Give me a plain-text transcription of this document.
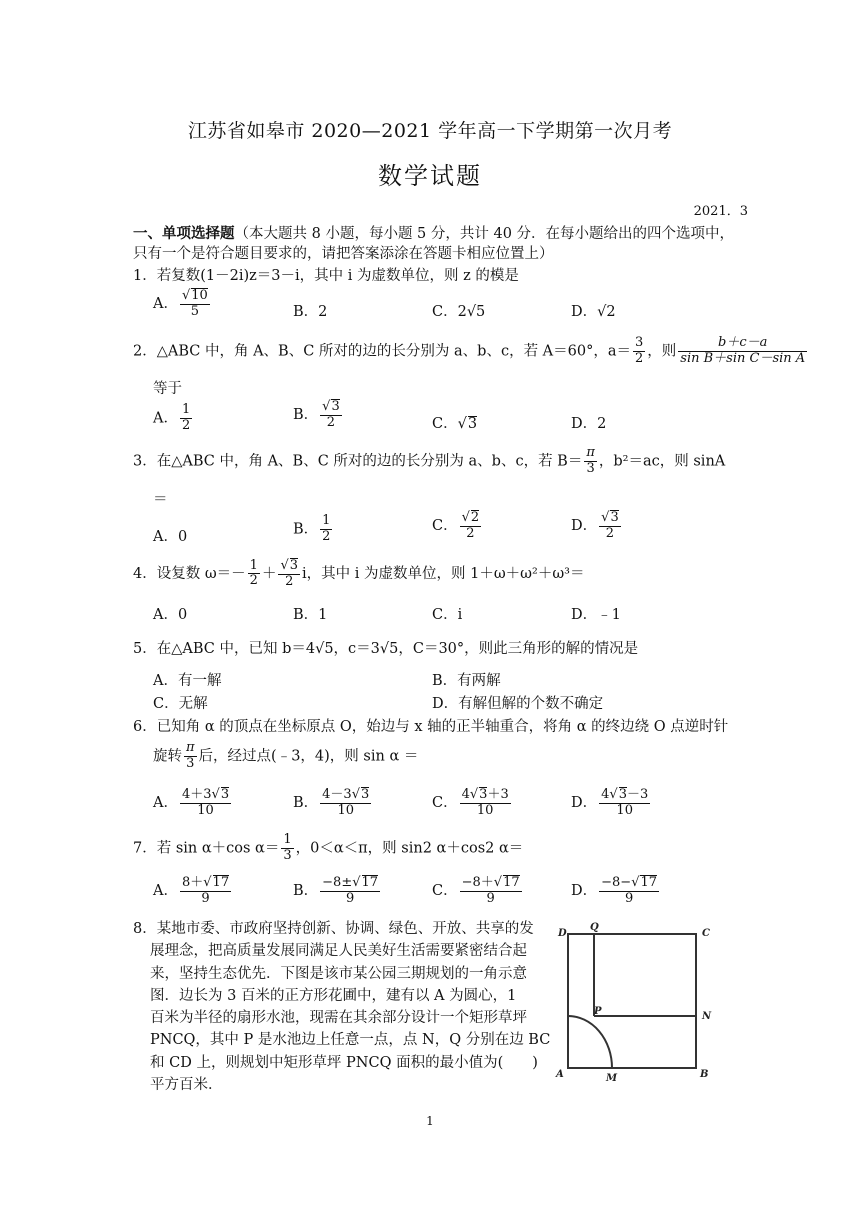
江苏省如皋市 2020—2021 学年高一下学期第一次月考
数学试题
2021．3
一、单项选择题（本大题共 8 小题，每小题 5 分，共计 40 分．在每小题给出的四个选项中，
只有一个是符合题目要求的，请把答案添涂在答题卡相应位置上）
1．若复数(1－2i)z＝3－i，其中 i 为虚数单位，则 z 的模是
A． $\frac{√10}{5}$	B．2	C．2√5	D．√2
2．△ABC 中，角 A、B、C 所对的边的长分别为 a、b、c，若 A＝60°，$a= \frac{3}{2}$ ，则 $\frac{b+c-a}{\text{sin B＋sin C－sin A}}$
等于
A． $\frac{1}{2}$	B． $\frac{√3}{2}$	C．√3	D．2
3．在△ABC 中，角 A、B、C 所对的边的长分别为 a、b、c，若 $B= \frac{\pi}{3}$ ，b²＝ac，则 sinA
＝
A．0	B． $\frac{1}{2}$	C． $\frac{√2}{2}$	D． $\frac{√3}{2}$
4．设复数 $\omega=- \frac{1}{2} + \frac{√3}{2}$ i，其中 i 为虚数单位，则 1＋ω＋ω²＋ω³＝
A．0	B．1	C．i	D．﹣1
5．在△ABC 中，已知 b＝4√5，c＝3√5，C＝30°，则此三角形的解的情况是
A．有一解	B．有两解
C．无解	D．有解但解的个数不确定
6．已知角 α 的顶点在坐标原点 O，始边与 x 轴的正半轴重合，将角 α 的终边绕 O 点逆时针
旋转 $\frac{\pi}{3}$ 后，经过点(﹣3，4)，则 sin α ＝
A． $\frac{4+3√3}{10}$	B． $\frac{4-3√3}{10}$	C． $\frac{4√3+3}{10}$	D． $\frac{4√3-3}{10}$
7．若 sin α＋cos $\alpha= \frac{1}{3}$ ，0＜α＜π，则 sin2 α＋cos2 α＝
A． $\frac{8+√17}{9}$	B． $\frac{-8\pm√17}{9}$	C． $\frac{-8+√17}{9}$	D． $\frac{-8-√17}{9}$
8．某地市委、市政府坚持创新、协调、绿色、开放、共享的发
展理念，把高质量发展同满足人民美好生活需要紧密结合起
来，坚持生态优先．下图是该市某公园三期规划的一角示意
图．边长为 3 百米的正方形花圃中，建有以 A 为圆心，1
百米为半径的扇形水池，现需在其余部分设计一个矩形草坪
PNCQ，其中 P 是水池边上任意一点，点 N，Q 分别在边 BC
和 CD 上，则规划中矩形草坪 PNCQ 面积的最小值为(　　)
平方百米．
D
Q
C
P	N
A	M	B
1
